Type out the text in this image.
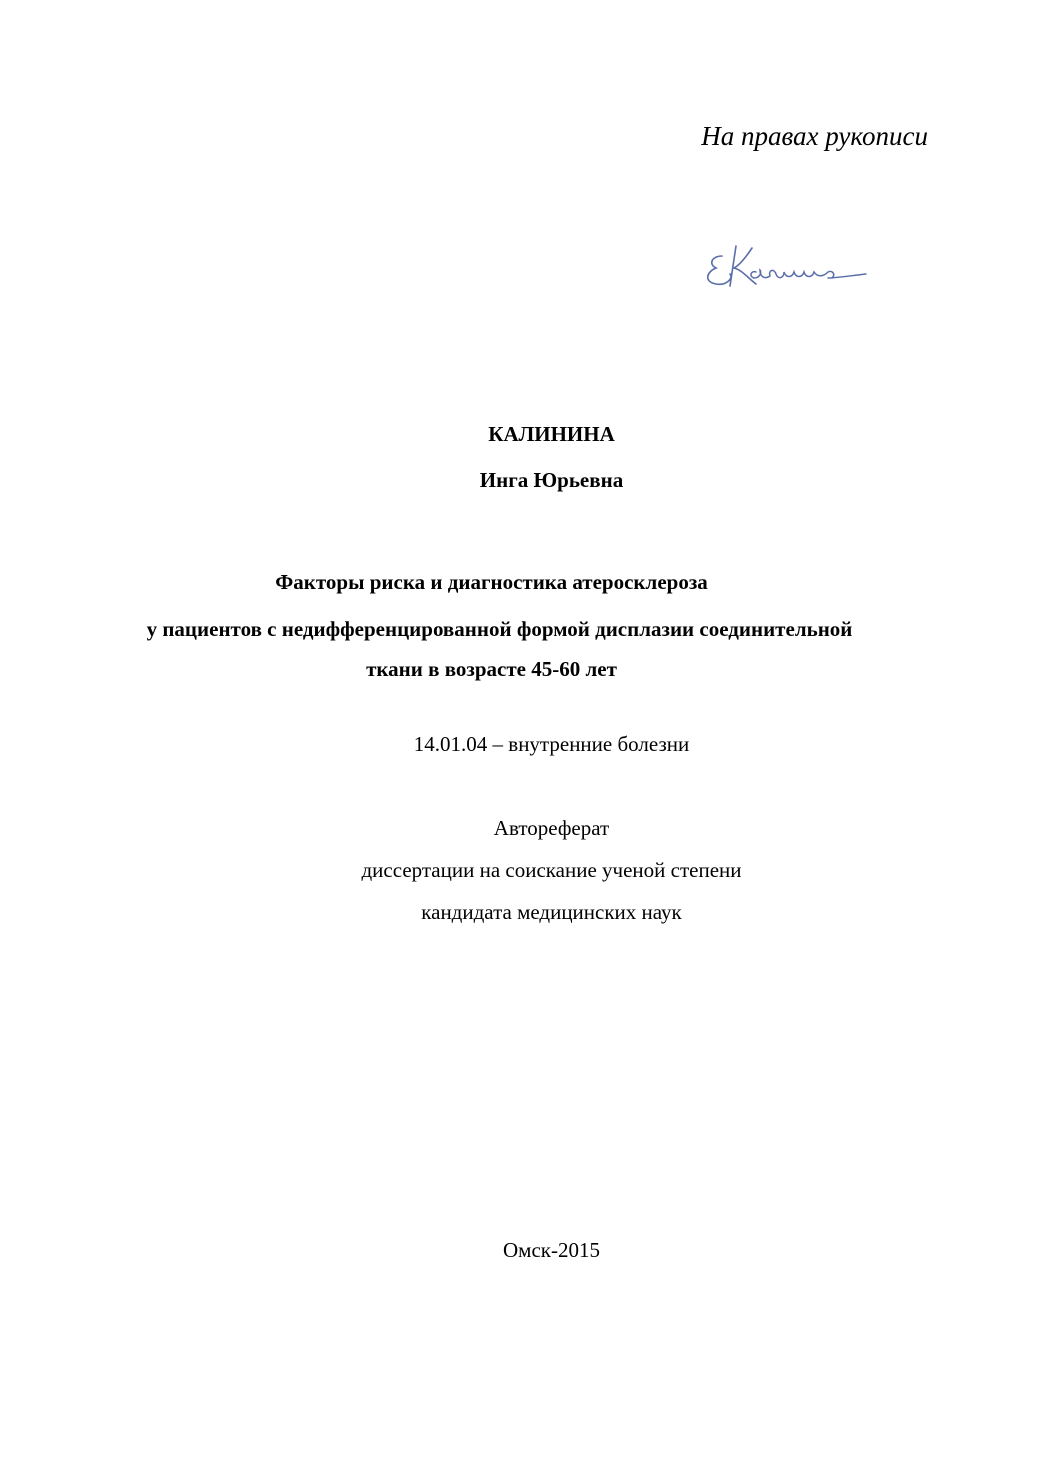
На правах рукописи
КАЛИНИНА
Инга Юрьевна
Факторы риска и диагностика атеросклероза
у пациентов с недифференцированной формой дисплазии соединительной
ткани в возрасте 45-60 лет
14.01.04 – внутренние болезни
Автореферат
диссертации на соискание ученой степени
кандидата медицинских наук
Омск-2015
